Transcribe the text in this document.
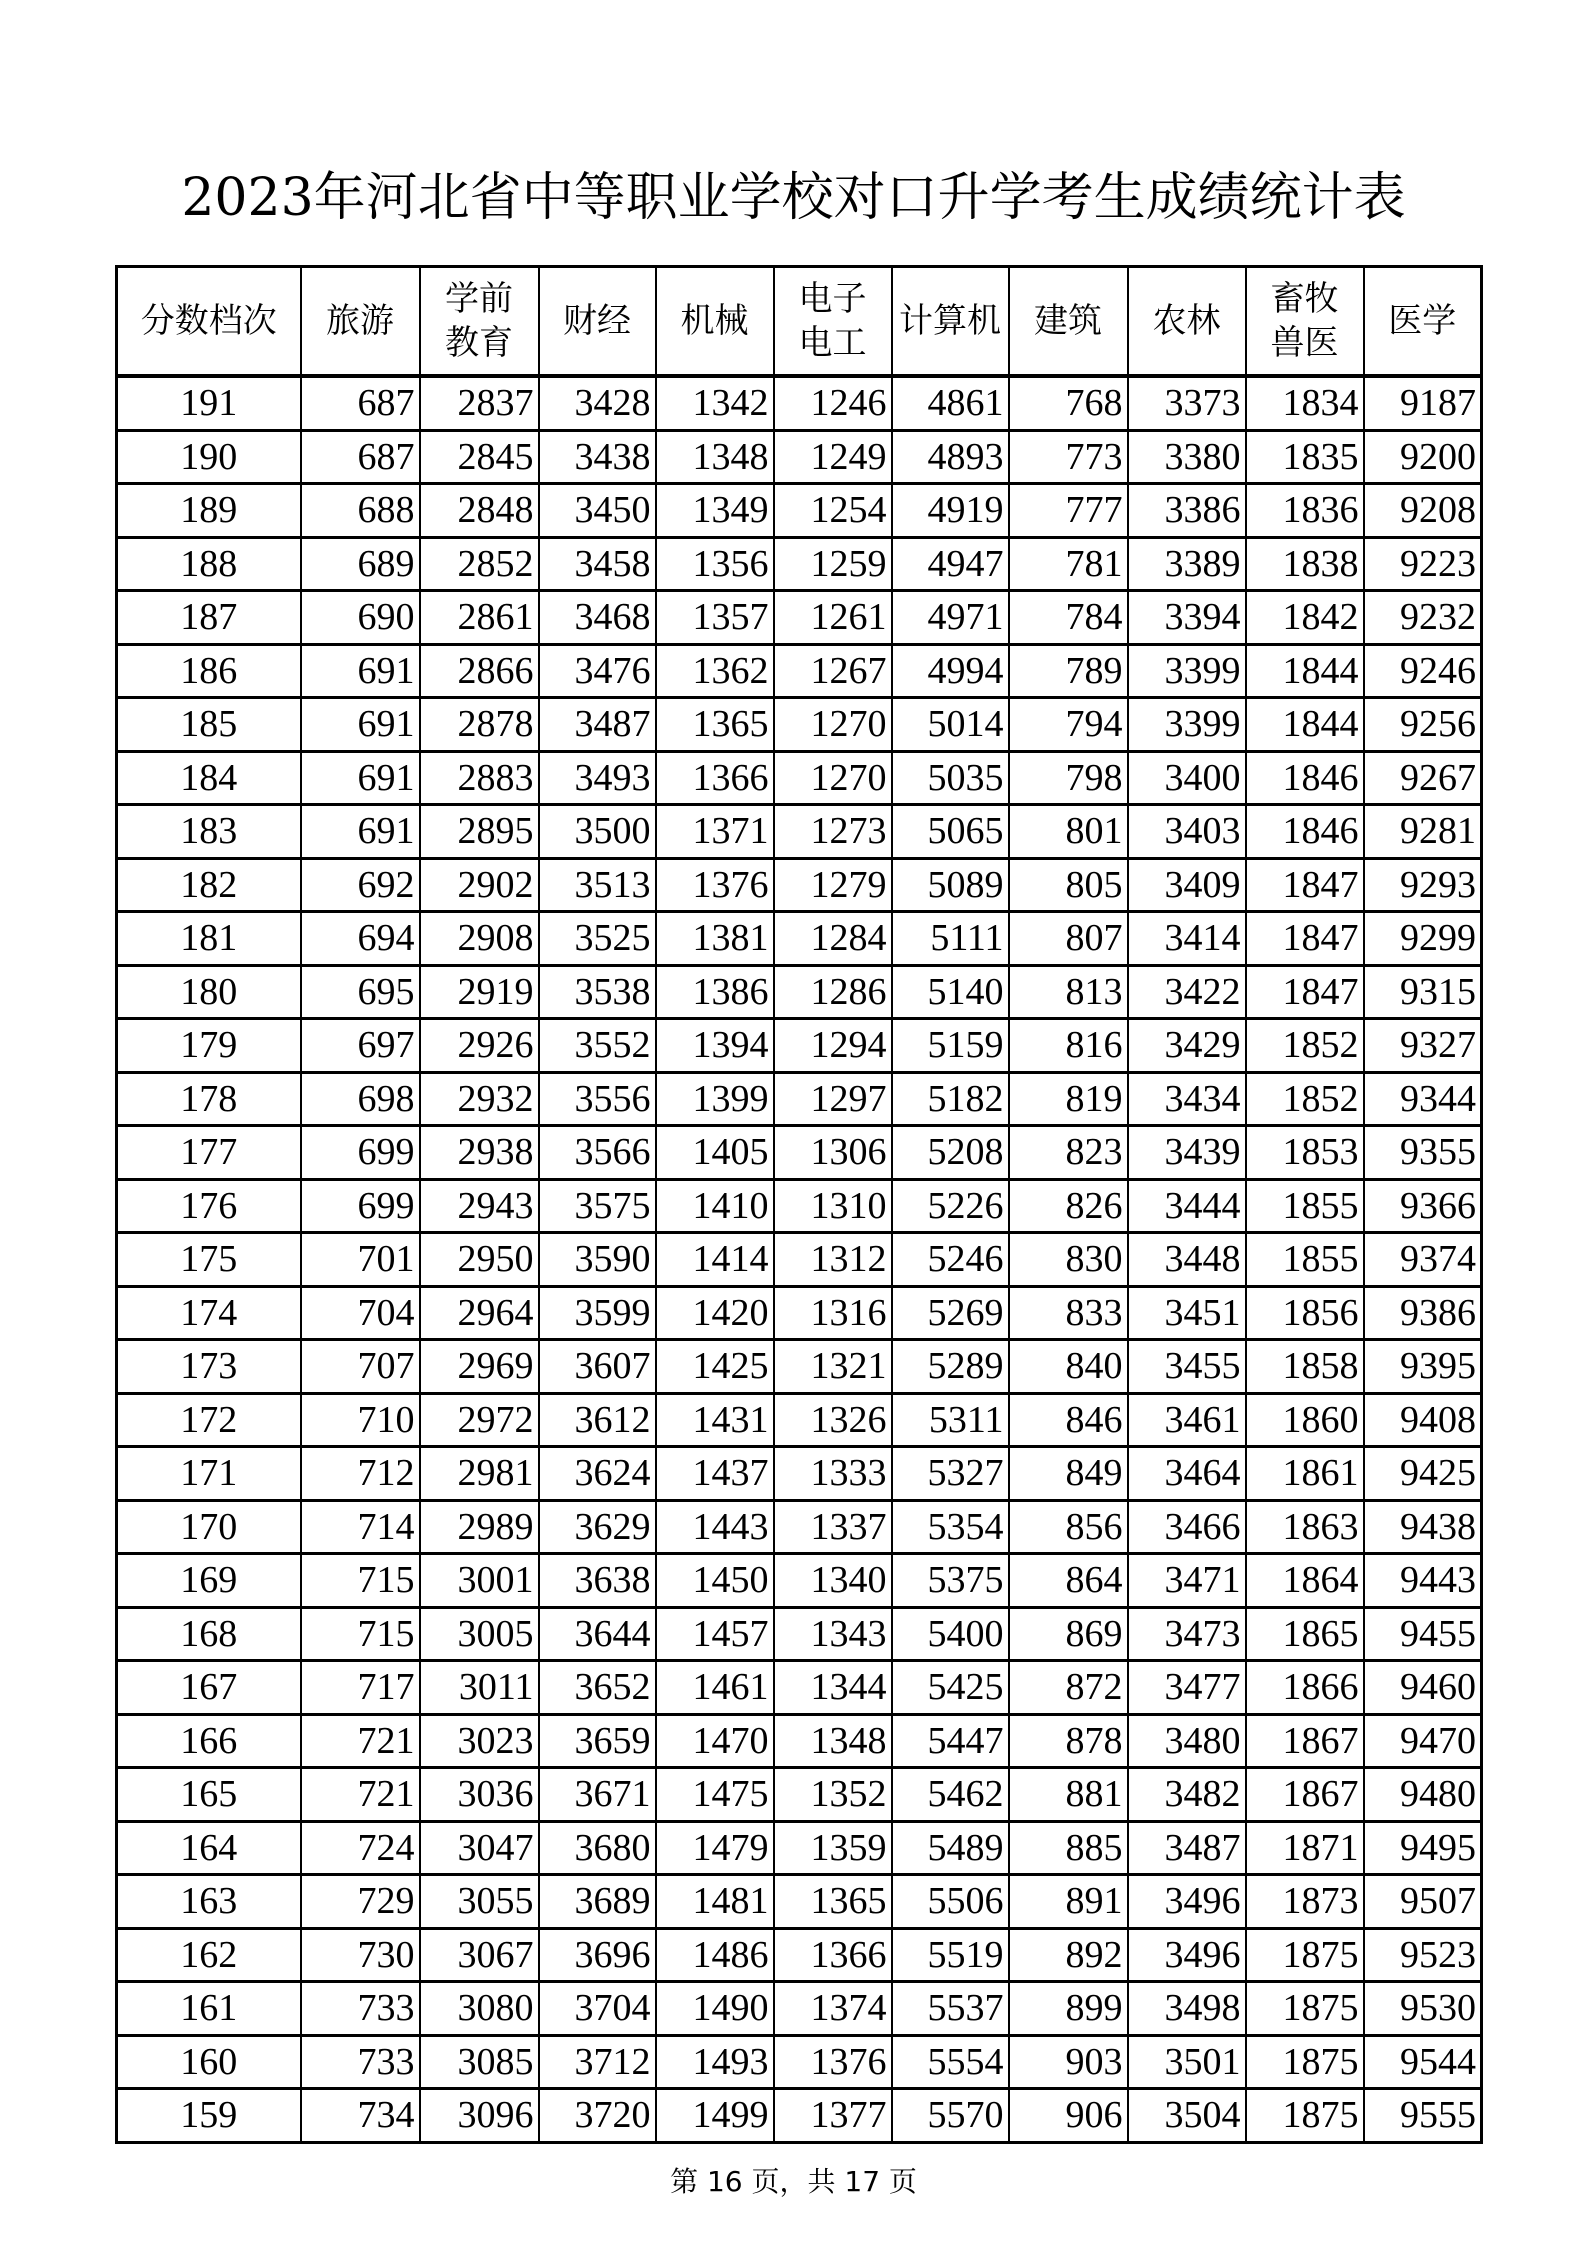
2023年河北省中等职业学校对口升学考生成绩统计表
分数档次	旅游	学前教育	财经	机械	电子电工	计算机	建筑	农林	畜牧兽医	医学
191	687	2837	3428	1342	1246	4861	768	3373	1834	9187
190	687	2845	3438	1348	1249	4893	773	3380	1835	9200
189	688	2848	3450	1349	1254	4919	777	3386	1836	9208
188	689	2852	3458	1356	1259	4947	781	3389	1838	9223
187	690	2861	3468	1357	1261	4971	784	3394	1842	9232
186	691	2866	3476	1362	1267	4994	789	3399	1844	9246
185	691	2878	3487	1365	1270	5014	794	3399	1844	9256
184	691	2883	3493	1366	1270	5035	798	3400	1846	9267
183	691	2895	3500	1371	1273	5065	801	3403	1846	9281
182	692	2902	3513	1376	1279	5089	805	3409	1847	9293
181	694	2908	3525	1381	1284	5111	807	3414	1847	9299
180	695	2919	3538	1386	1286	5140	813	3422	1847	9315
179	697	2926	3552	1394	1294	5159	816	3429	1852	9327
178	698	2932	3556	1399	1297	5182	819	3434	1852	9344
177	699	2938	3566	1405	1306	5208	823	3439	1853	9355
176	699	2943	3575	1410	1310	5226	826	3444	1855	9366
175	701	2950	3590	1414	1312	5246	830	3448	1855	9374
174	704	2964	3599	1420	1316	5269	833	3451	1856	9386
173	707	2969	3607	1425	1321	5289	840	3455	1858	9395
172	710	2972	3612	1431	1326	5311	846	3461	1860	9408
171	712	2981	3624	1437	1333	5327	849	3464	1861	9425
170	714	2989	3629	1443	1337	5354	856	3466	1863	9438
169	715	3001	3638	1450	1340	5375	864	3471	1864	9443
168	715	3005	3644	1457	1343	5400	869	3473	1865	9455
167	717	3011	3652	1461	1344	5425	872	3477	1866	9460
166	721	3023	3659	1470	1348	5447	878	3480	1867	9470
165	721	3036	3671	1475	1352	5462	881	3482	1867	9480
164	724	3047	3680	1479	1359	5489	885	3487	1871	9495
163	729	3055	3689	1481	1365	5506	891	3496	1873	9507
162	730	3067	3696	1486	1366	5519	892	3496	1875	9523
161	733	3080	3704	1490	1374	5537	899	3498	1875	9530
160	733	3085	3712	1493	1376	5554	903	3501	1875	9544
159	734	3096	3720	1499	1377	5570	906	3504	1875	9555
第 16 页，共 17 页
